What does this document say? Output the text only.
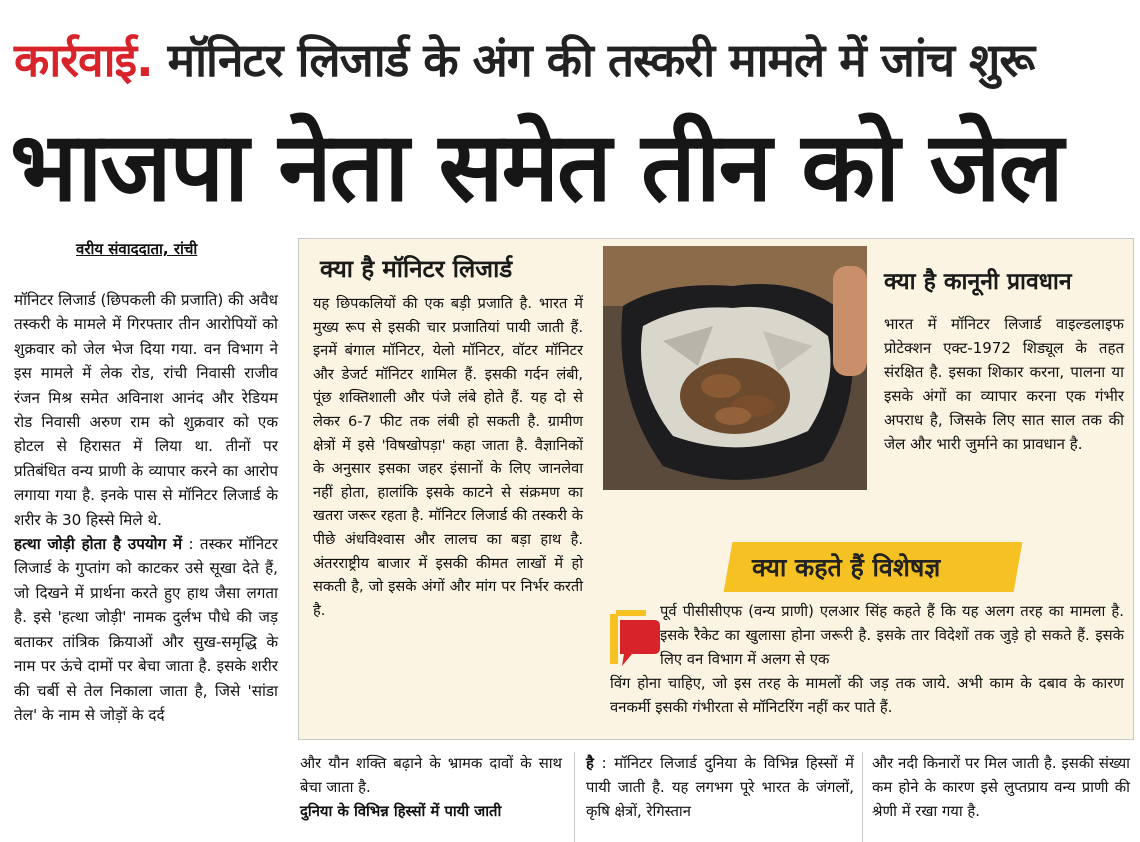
कार्रवाई. मॉनिटर लिजार्ड के अंग की तस्करी मामले में जांच शुरू
भाजपा नेता समेत तीन को जेल
वरीय संवाददाता, रांची

मॉनिटर लिजार्ड (छिपकली की प्रजाति) की अवैध तस्करी के मामले में गिरफ्तार तीन आरोपियों को शुक्रवार को जेल भेज दिया गया. वन विभाग ने इस मामले में लेक रोड, रांची निवासी राजीव रंजन मिश्र समेत अविनाश आनंद और रेडियम रोड निवासी अरुण राम को शुक्रवार को एक होटल से हिरासत में लिया था. तीनों पर प्रतिबंधित वन्य प्राणी के व्यापार करने का आरोप लगाया गया है. इनके पास से मॉनिटर लिजार्ड के शरीर के 30 हिस्से मिले थे.

हत्था जोड़ी होता है उपयोग में : तस्कर मॉनिटर लिजार्ड के गुप्तांग को काटकर उसे सूखा देते हैं, जो दिखने में प्रार्थना करते हुए हाथ जैसा लगता है. इसे 'हत्था जोड़ी' नामक दुर्लभ पौधे की जड़ बताकर तांत्रिक क्रियाओं और सुख-समृद्धि के नाम पर ऊंचे दामों पर बेचा जाता है. इसके शरीर की चर्बी से तेल निकाला जाता है, जिसे 'सांडा तेल' के नाम से जोड़ों के दर्द

क्या है मॉनिटर लिजार्ड
यह छिपकलियों की एक बड़ी प्रजाति है. भारत में मुख्य रूप से इसकी चार प्रजातियां पायी जाती हैं. इनमें बंगाल मॉनिटर, येलो मॉनिटर, वॉटर मॉनिटर और डेजर्ट मॉनिटर शामिल हैं. इसकी गर्दन लंबी, पूंछ शक्तिशाली और पंजे लंबे होते हैं. यह दो से लेकर 6-7 फीट तक लंबी हो सकती है. ग्रामीण क्षेत्रों में इसे 'विषखोपड़ा' कहा जाता है. वैज्ञानिकों के अनुसार इसका जहर इंसानों के लिए जानलेवा नहीं होता, हालांकि इसके काटने से संक्रमण का खतरा जरूर रहता है. मॉनिटर लिजार्ड की तस्करी के पीछे अंधविश्वास और लालच का बड़ा हाथ है. अंतरराष्ट्रीय बाजार में इसकी कीमत लाखों में हो सकती है, जो इसके अंगों और मांग पर निर्भर करती है.
क्या है कानूनी प्रावधान
भारत में मॉनिटर लिजार्ड वाइल्डलाइफ प्रोटेक्शन एक्ट-1972 शिड्यूल के तहत संरक्षित है. इसका शिकार करना, पालना या इसके अंगों का व्यापार करना एक गंभीर अपराध है, जिसके लिए सात साल तक की जेल और भारी जुर्माने का प्रावधान है.
क्या कहते हैं विशेषज्ञ
पूर्व पीसीसीएफ (वन्य प्राणी) एलआर सिंह कहते हैं कि यह अलग तरह का मामला है. इसके रैकेट का खुलासा होना जरूरी है. इसके तार विदेशों तक जुड़े हो सकते हैं. इसके लिए वन विभाग में अलग से एक
विंग होना चाहिए, जो इस तरह के मामलों की जड़ तक जाये. अभी काम के दबाव के कारण वनकर्मी इसकी गंभीरता से मॉनिटरिंग नहीं कर पाते हैं.

और यौन शक्ति बढ़ाने के भ्रामक दावों के साथ बेचा जाता है.

दुनिया के विभिन्न हिस्सों में पायी जाती

है : मॉनिटर लिजार्ड दुनिया के विभिन्न हिस्सों में पायी जाती है. यह लगभग पूरे भारत के जंगलों, कृषि क्षेत्रों, रेगिस्तान
और नदी किनारों पर मिल जाती है. इसकी संख्या कम होने के कारण इसे लुप्तप्राय वन्य प्राणी की श्रेणी में रखा गया है.
